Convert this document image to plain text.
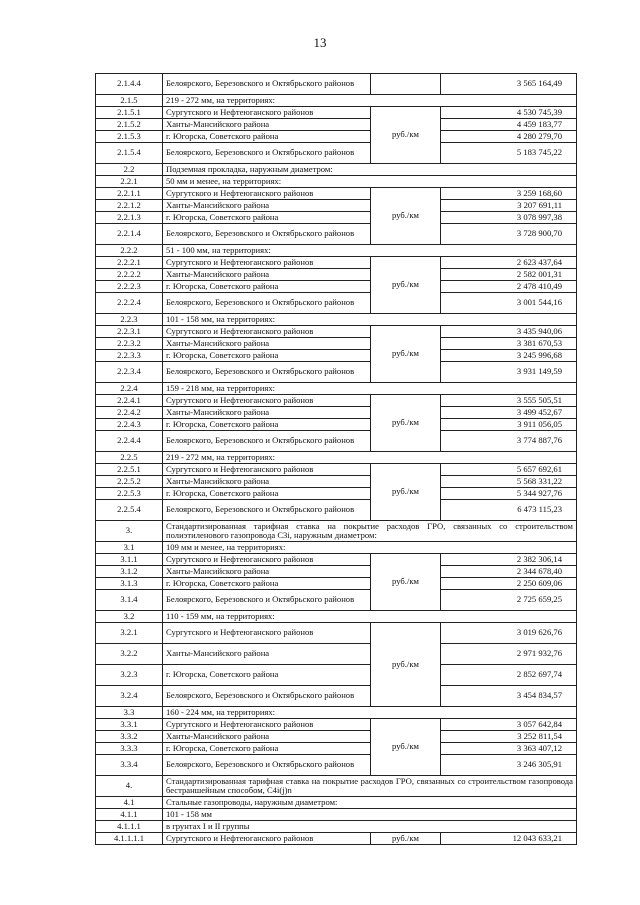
13
2.1.4.4	Белоярского, Березовского и Октябрьского районов		3 565 164,49
2.1.5	219 - 272 мм, на территориях:		
2.1.5.1	Сургутского и Нефтеюганского районов	руб./км	4 530 745,39
2.1.5.2	Ханты-Мансийского района		4 459 183,77
2.1.5.3	г. Югорска, Советского района		4 280 279,70
2.1.5.4	Белоярского, Березовского и Октябрьского районов		5 183 745,22
2.2	Подземная прокладка, наружным диаметром:		
2.2.1	50 мм и менее, на территориях:		
2.2.1.1	Сургутского и Нефтеюганского районов	руб./км	3 259 168,60
2.2.1.2	Ханты-Мансийского района		3 207 691,11
2.2.1.3	г. Югорска, Советского района		3 078 997,38
2.2.1.4	Белоярского, Березовского и Октябрьского районов		3 728 900,70
2.2.2	51 - 100 мм, на территориях:		
2.2.2.1	Сургутского и Нефтеюганского районов	руб./км	2 623 437,64
2.2.2.2	Ханты-Мансийского района		2 582 001,31
2.2.2.3	г. Югорска, Советского района		2 478 410,49
2.2.2.4	Белоярского, Березовского и Октябрьского районов		3 001 544,16
2.2.3	101 - 158 мм, на территориях:		
2.2.3.1	Сургутского и Нефтеюганского районов	руб./км	3 435 940,06
2.2.3.2	Ханты-Мансийского района		3 381 670,53
2.2.3.3	г. Югорска, Советского района		3 245 996,68
2.2.3.4	Белоярского, Березовского и Октябрьского районов		3 931 149,59
2.2.4	159 - 218 мм, на территориях:		
2.2.4.1	Сургутского и Нефтеюганского районов	руб./км	3 555 505,51
2.2.4.2	Ханты-Мансийского района		3 499 452,67
2.2.4.3	г. Югорска, Советского района		3 911 056,05
2.2.4.4	Белоярского, Березовского и Октябрьского районов		3 774 887,76
2.2.5	219 - 272 мм, на территориях:		
2.2.5.1	Сургутского и Нефтеюганского районов	руб./км	5 657 692,61
2.2.5.2	Ханты-Мансийского района		5 568 331,22
2.2.5.3	г. Югорска, Советского района		5 344 927,76
2.2.5.4	Белоярского, Березовского и Октябрьского районов		6 473 115,23
3.	Стандартизированная тарифная ставка на покрытие расходов ГРО, связанных со строительством полиэтиленового газопровода С3i, наружным диаметром:		
3.1	109 мм и менее, на территориях:		
3.1.1	Сургутского и Нефтеюганского районов	руб./км	2 382 306,14
3.1.2	Ханты-Мансийского района		2 344 678,40
3.1.3	г. Югорска, Советского района		2 250 609,06
3.1.4	Белоярского, Березовского и Октябрьского районов		2 725 659,25
3.2	110 - 159 мм, на территориях:		
3.2.1	Сургутского и Нефтеюганского районов	руб./км	3 019 626,76
3.2.2	Ханты-Мансийского района		2 971 932,76
3.2.3	г. Югорска, Советского района		2 852 697,74
3.2.4	Белоярского, Березовского и Октябрьского районов		3 454 834,57
3.3	160 - 224 мм, на территориях:		
3.3.1	Сургутского и Нефтеюганского районов	руб./км	3 057 642,84
3.3.2	Ханты-Мансийского района		3 252 811,54
3.3.3	г. Югорска, Советского района		3 363 407,12
3.3.4	Белоярского, Березовского и Октябрьского районов		3 246 305,91
4.	Стандартизированная тарифная ставка на покрытие расходов ГРО, связанных со строительством газопровода бестраншейным способом, С4i(j)n		
4.1	Стальные газопроводы, наружным диаметром:		
4.1.1	101 - 158 мм		
4.1.1.1	в грунтах I и II группы		
4.1.1.1.1	Сургутского и Нефтеюганского районов	руб./км	12 043 633,21
